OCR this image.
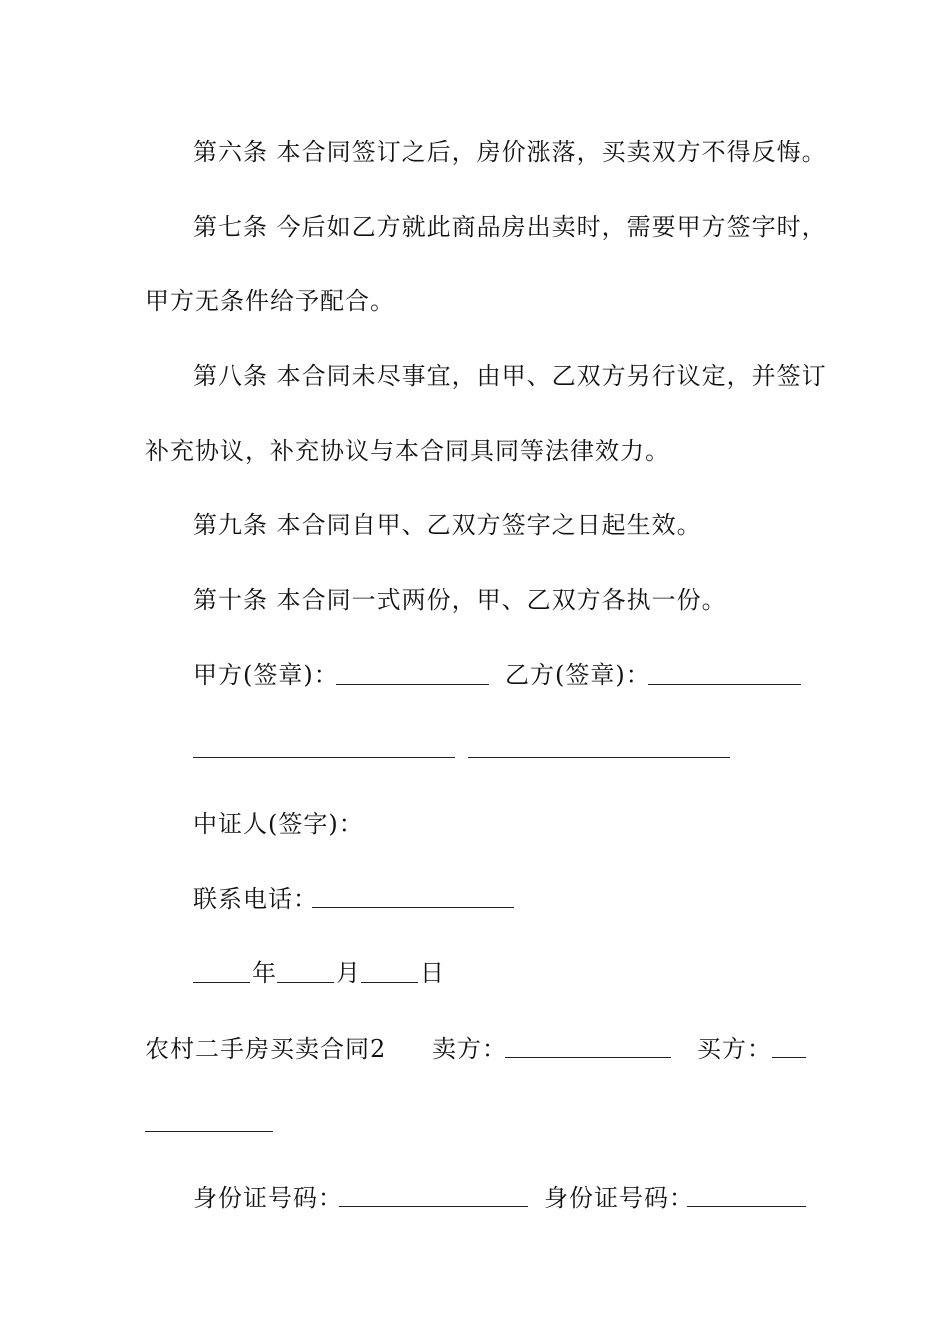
第六条 本合同签订之后，房价涨落，买卖双方不得反悔。
第七条 今后如乙方就此商品房出卖时，需要甲方签字时，
甲方无条件给予配合。
第八条 本合同未尽事宜，由甲、乙双方另行议定，并签订
补充协议，补充协议与本合同具同等法律效力。
第九条 本合同自甲、乙双方签字之日起生效。
第十条 本合同一式两份，甲、乙双方各执一份。
甲方(签章)：	乙方(签章)：
中证人(签字)：
联系电话：
年 月 日
农村二手房买卖合同2 卖方：	买方：
身份证号码：	身份证号码：
